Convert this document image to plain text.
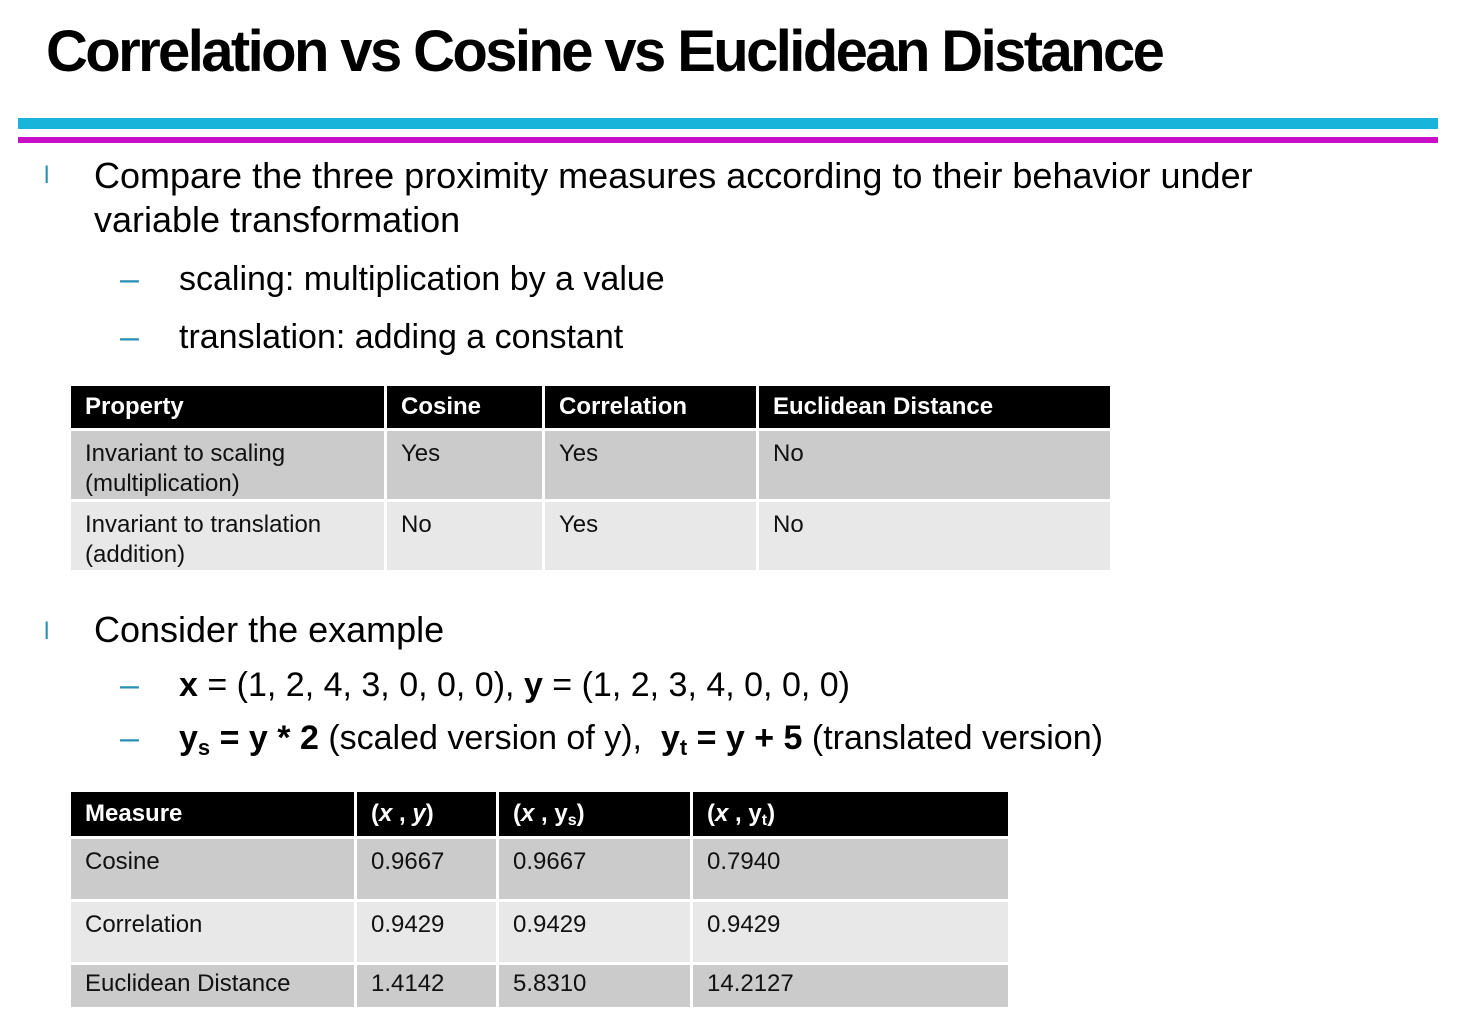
Correlation vs Cosine vs Euclidean Distance
l Compare the three proximity measures according to their behavior under
variable transformation
– scaling: multiplication by a value
– translation: adding a constant
Property	Cosine	Correlation	Euclidean Distance

Invariant to scaling
(multiplication)	Yes	Yes	No

Invariant to translation
(addition)	No	Yes	No
l Consider the example
– x = (1, 2, 4, 3, 0, 0, 0), y = (1, 2, 3, 4, 0, 0, 0)
– $y_s = y * 2$ (scaled version of y),  $y_t = y + 5$ (translated version)
Measure	(x , y)	(x , $y_s$)	(x , $y_t$)
Cosine	0.9667	0.9667	0.7940
Correlation	0.9429	0.9429	0.9429
Euclidean Distance	1.4142	5.8310	14.2127
